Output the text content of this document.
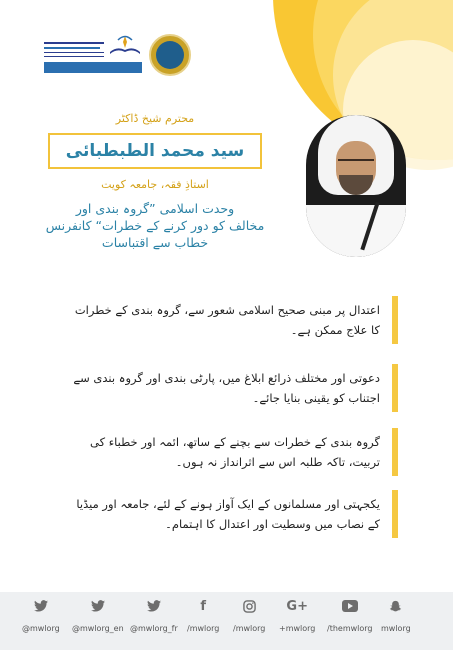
محترم شیخ ڈاکٹر
سید محمد الطبطبائی
استاذِ فقہ، جامعہ کویت
وحدت اسلامی ”گروہ بندی اور
مخالف کو دور کرنے کے خطرات“ کانفرنس
خطاب سے اقتباسات
اعتدال پر مبنی صحیح اسلامی شعور سے، گروہ بندی کے خطرات
کا علاج ممکن ہے۔
دعوتی اور مختلف ذرائع ابلاغ میں، پارٹی بندی اور گروہ بندی سے
اجتناب کو یقینی بنایا جائے۔
گروہ بندی کے خطرات سے بچنے کے ساتھ، ائمہ اور خطباء کی
تربیت، تاکہ طلبہ اس سے اثرانداز نہ ہوں۔
یکجہتی اور مسلمانوں کے ایک آواز ہونے کے لئے، جامعہ اور میڈیا
کے نصاب میں وسطیت اور اعتدال کا اہتمام۔
@mwlorg @mwlorg_en @mwlorg_fr
f
/mwlorg /mwlorg
G+
+mwlorg /themwlorg mwlorg
